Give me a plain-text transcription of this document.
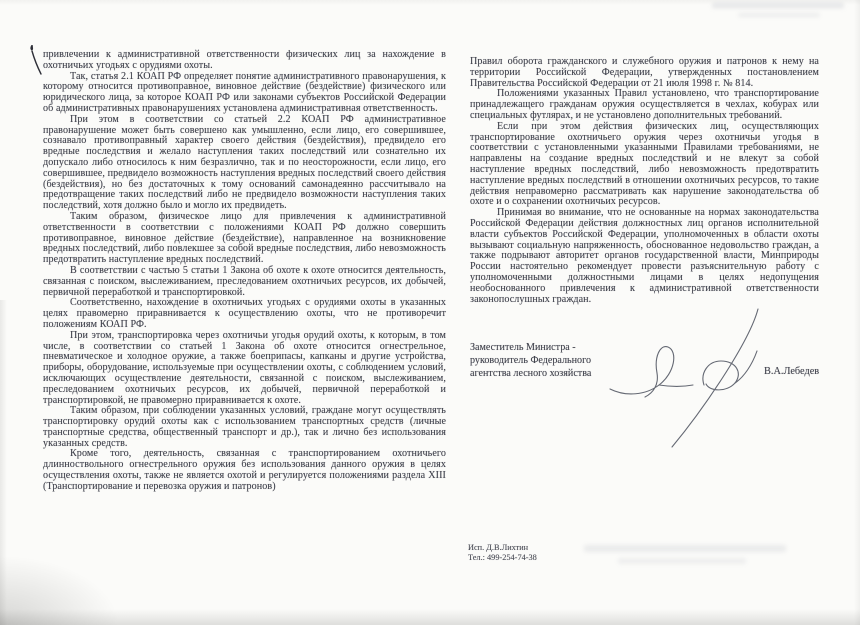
привлечении к административной ответственности физических лиц за нахождение в охотничьих угодьях с орудиями охоты.

Так, статья 2.1 КОАП РФ определяет понятие административного правонарушения, к которому относится противоправное, виновное действие (бездействие) физического или юридического лица, за которое КОАП РФ или законами субъектов Российской Федерации об административных правонарушениях установлена административная ответственность.

При этом в соответствии со статьей 2.2 КОАП РФ административное правонарушение может быть совершено как умышленно, если лицо, его совершившее, сознавало противоправный характер своего действия (бездействия), предвидело его вредные последствия и желало наступления таких последствий или сознательно их допускало либо относилось к ним безразлично, так и по неосторожности, если лицо, его совершившее, предвидело возможность наступления вредных последствий своего действия (бездействия), но без достаточных к тому оснований самонадеянно рассчитывало на предотвращение таких последствий либо не предвидело возможности наступления таких последствий, хотя должно было и могло их предвидеть.

Таким образом, физическое лицо для привлечения к административной ответственности в соответствии с положениями КОАП РФ должно совершить противоправное, виновное действие (бездействие), направленное на возникновение вредных последствий, либо повлекшее за собой вредные последствия, либо невозможность предотвратить наступление вредных последствий.

В соответствии с частью 5 статьи 1 Закона об охоте к охоте относится деятельность, связанная с поиском, выслеживанием, преследованием охотничьих ресурсов, их добычей, первичной переработкой и транспортировкой.

Соответственно, нахождение в охотничьих угодьях с орудиями охоты в указанных целях правомерно приравнивается к осуществлению охоты, что не противоречит положениям КОАП РФ.

При этом, транспортировка через охотничьи угодья орудий охоты, к которым, в том числе, в соответствии со статьей 1 Закона об охоте относится огнестрельное, пневматическое и холодное оружие, а также боеприпасы, капканы и другие устройства, приборы, оборудование, используемые при осуществлении охоты, с соблюдением условий, исключающих осуществление деятельности, связанной с поиском, выслеживанием, преследованием охотничьих ресурсов, их добычей, первичной переработкой и транспортировкой, не правомерно приравнивается к охоте.

Таким образом, при соблюдении указанных условий, граждане могут осуществлять транспортировку орудий охоты как с использованием транспортных средств (личные транспортные средства, общественный транспорт и др.), так и лично без использования указанных средств.

Кроме того, деятельность, связанная с транспортированием охотничьего длинноствольного огнестрельного оружия без использования данного оружия в целях осуществления охоты, также не является охотой и регулируется положениями раздела XIII (Транспортирование и перевозка оружия и патронов)

Правил оборота гражданского и служебного оружия и патронов к нему на территории Российской Федерации, утвержденных постановлением Правительства Российской Федерации от 21 июля 1998 г. № 814.

Положениями указанных Правил установлено, что транспортирование принадлежащего гражданам оружия осуществляется в чехлах, кобурах или специальных футлярах, и не установлено дополнительных требований.

Если при этом действия физических лиц, осуществляющих транспортирование охотничьего оружия через охотничьи угодья в соответствии с установленными указанными Правилами требованиями, не направлены на создание вредных последствий и не влекут за собой наступление вредных последствий, либо невозможность предотвратить наступление вредных последствий в отношении охотничьих ресурсов, то такие действия неправомерно рассматривать как нарушение законодательства об охоте и о сохранении охотничьих ресурсов.

Принимая во внимание, что не основанные на нормах законодательства Российской Федерации действия должностных лиц органов исполнительной власти субъектов Российской Федерации, уполномоченных в области охоты вызывают социальную напряженность, обоснованное недовольство граждан, а также подрывают авторитет органов государственной власти, Минприроды России настоятельно рекомендует провести разъяснительную работу с уполномоченными должностными лицами в целях недопущения необоснованного привлечения к административной ответственности законопослушных граждан.

Заместитель Министра -
руководитель Федерального
агентства лесного хозяйства	В.А.Лебедев
Исп. Д.В.Лихтин
Тел.: 499-254-74-38
